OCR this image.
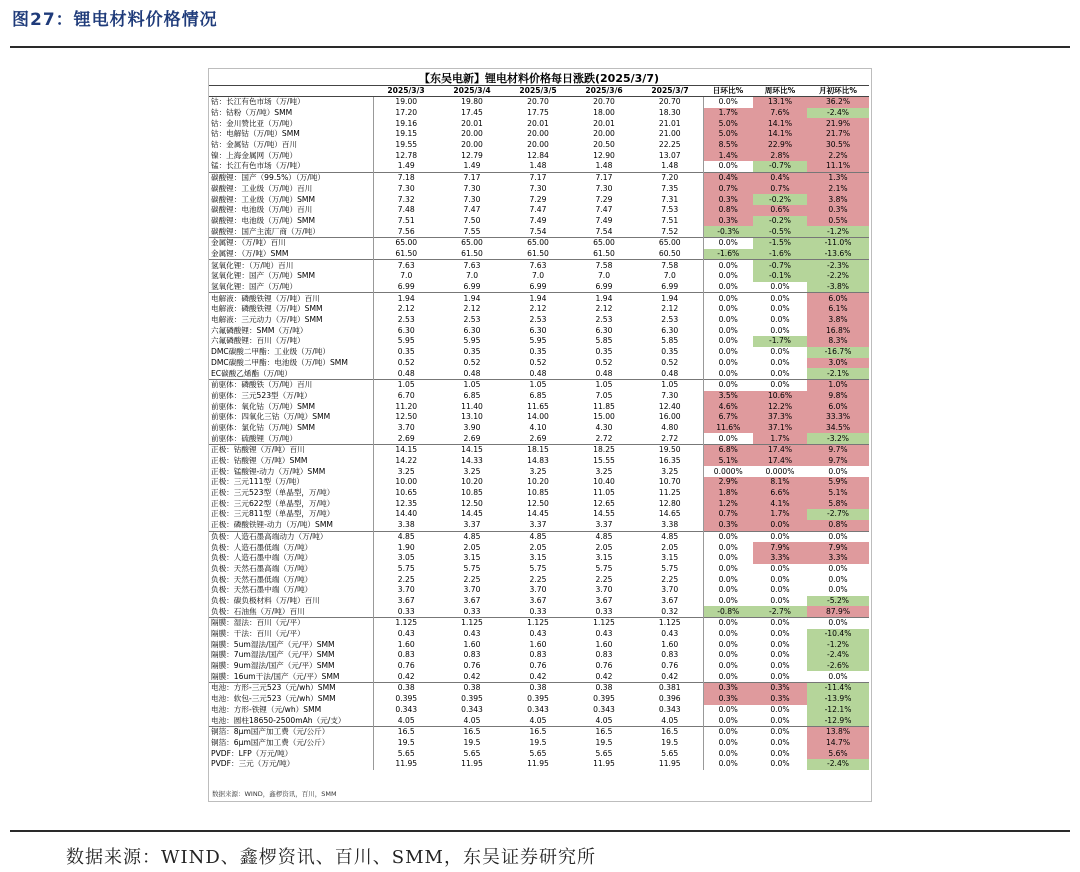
图27：锂电材料价格情况
【东吴电新】锂电材料价格每日涨跌(2025/3/7)
	2025/3/3	2025/3/4	2025/3/5	2025/3/6	2025/3/7	日环比%	周环比%	月初环比%
钴：长江有色市场（万/吨）	19.00	19.80	20.70	20.70	20.70	0.0%	13.1%	36.2%
钴：钴粉（万/吨）SMM	17.20	17.45	17.75	18.00	18.30	1.7%	7.6%	-2.4%
钴：金川赞比亚（万/吨）	19.16	20.01	20.01	20.01	21.01	5.0%	14.1%	21.9%
钴：电解钴（万/吨）SMM	19.15	20.00	20.00	20.00	21.00	5.0%	14.1%	21.7%
钴：金属钴（万/吨）百川	19.55	20.00	20.00	20.50	22.25	8.5%	22.9%	30.5%
镍：上海金属网（万/吨）	12.78	12.79	12.84	12.90	13.07	1.4%	2.8%	2.2%
锰：长江有色市场（万/吨）	1.49	1.49	1.48	1.48	1.48	0.0%	-0.7%	11.1%
碳酸锂：国产（99.5%）（万/吨）	7.18	7.17	7.17	7.17	7.20	0.4%	0.4%	1.3%
碳酸锂：工业级（万/吨）百川	7.30	7.30	7.30	7.30	7.35	0.7%	0.7%	2.1%
碳酸锂：工业级（万/吨）SMM	7.32	7.30	7.29	7.29	7.31	0.3%	-0.2%	3.8%
碳酸锂：电池级（万/吨）百川	7.48	7.47	7.47	7.47	7.53	0.8%	0.6%	0.3%
碳酸锂：电池级（万/吨）SMM	7.51	7.50	7.49	7.49	7.51	0.3%	-0.2%	0.5%
碳酸锂：国产主流厂商（万/吨）	7.56	7.55	7.54	7.54	7.52	-0.3%	-0.5%	-1.2%
金属锂：（万/吨）百川	65.00	65.00	65.00	65.00	65.00	0.0%	-1.5%	-11.0%
金属锂：（万/吨）SMM	61.50	61.50	61.50	61.50	60.50	-1.6%	-1.6%	-13.6%
氢氧化锂：（万/吨）百川	7.63	7.63	7.63	7.58	7.58	0.0%	-0.7%	-2.3%
氢氧化锂：国产（万/吨）SMM	7.0	7.0	7.0	7.0	7.0	0.0%	-0.1%	-2.2%
氢氧化锂：国产（万/吨）	6.99	6.99	6.99	6.99	6.99	0.0%	0.0%	-3.8%
电解液：磷酸铁锂（万/吨）百川	1.94	1.94	1.94	1.94	1.94	0.0%	0.0%	6.0%
电解液：磷酸铁锂（万/吨）SMM	2.12	2.12	2.12	2.12	2.12	0.0%	0.0%	6.1%
电解液：三元动力（万/吨）SMM	2.53	2.53	2.53	2.53	2.53	0.0%	0.0%	3.8%
六氟磷酸锂：SMM（万/吨）	6.30	6.30	6.30	6.30	6.30	0.0%	0.0%	16.8%
六氟磷酸锂：百川（万/吨）	5.95	5.95	5.95	5.85	5.85	0.0%	-1.7%	8.3%
DMC碳酸二甲酯：工业级（万/吨）	0.35	0.35	0.35	0.35	0.35	0.0%	0.0%	-16.7%
DMC碳酸二甲酯：电池级（万/吨）SMM	0.52	0.52	0.52	0.52	0.52	0.0%	0.0%	3.0%
EC碳酸乙烯酯（万/吨）	0.48	0.48	0.48	0.48	0.48	0.0%	0.0%	-2.1%
前驱体：磷酸铁（万/吨）百川	1.05	1.05	1.05	1.05	1.05	0.0%	0.0%	1.0%
前驱体：三元523型（万/吨）	6.70	6.85	6.85	7.05	7.30	3.5%	10.6%	9.8%
前驱体：氧化钴（万/吨）SMM	11.20	11.40	11.65	11.85	12.40	4.6%	12.2%	6.0%
前驱体：四氧化三钴（万/吨）SMM	12.50	13.10	14.00	15.00	16.00	6.7%	37.3%	33.3%
前驱体：氯化钴（万/吨）SMM	3.70	3.90	4.10	4.30	4.80	11.6%	37.1%	34.5%
前驱体：硫酸锂（万/吨）	2.69	2.69	2.69	2.72	2.72	0.0%	1.7%	-3.2%
正极：钴酸锂（万/吨）百川	14.15	14.15	18.15	18.25	19.50	6.8%	17.4%	9.7%
正极：钴酸锂（万/吨）SMM	14.22	14.33	14.83	15.55	16.35	5.1%	17.4%	9.7%
正极：锰酸锂-动力（万/吨）SMM	3.25	3.25	3.25	3.25	3.25	0.000%	0.000%	0.0%
正极：三元111型（万/吨）	10.00	10.20	10.20	10.40	10.70	2.9%	8.1%	5.9%
正极：三元523型（单晶型，万/吨）	10.65	10.85	10.85	11.05	11.25	1.8%	6.6%	5.1%
正极：三元622型（单晶型，万/吨）	12.35	12.50	12.50	12.65	12.80	1.2%	4.1%	5.8%
正极：三元811型（单晶型，万/吨）	14.40	14.45	14.45	14.55	14.65	0.7%	1.7%	-2.7%
正极：磷酸铁锂-动力（万/吨）SMM	3.38	3.37	3.37	3.37	3.38	0.3%	0.0%	0.8%
负极：人造石墨高端动力（万/吨）	4.85	4.85	4.85	4.85	4.85	0.0%	0.0%	0.0%
负极：人造石墨低端（万/吨）	1.90	2.05	2.05	2.05	2.05	0.0%	7.9%	7.9%
负极：人造石墨中端（万/吨）	3.05	3.15	3.15	3.15	3.15	0.0%	3.3%	3.3%
负极：天然石墨高端（万/吨）	5.75	5.75	5.75	5.75	5.75	0.0%	0.0%	0.0%
负极：天然石墨低端（万/吨）	2.25	2.25	2.25	2.25	2.25	0.0%	0.0%	0.0%
负极：天然石墨中端（万/吨）	3.70	3.70	3.70	3.70	3.70	0.0%	0.0%	0.0%
负极：碳负极材料（万/吨）百川	3.67	3.67	3.67	3.67	3.67	0.0%	0.0%	-5.2%
负极：石油焦（万/吨）百川	0.33	0.33	0.33	0.33	0.32	-0.8%	-2.7%	87.9%
隔膜：湿法：百川（元/平）	1.125	1.125	1.125	1.125	1.125	0.0%	0.0%	0.0%
隔膜：干法：百川（元/平）	0.43	0.43	0.43	0.43	0.43	0.0%	0.0%	-10.4%
隔膜：5um湿法/国产（元/平）SMM	1.60	1.60	1.60	1.60	1.60	0.0%	0.0%	-1.2%
隔膜：7um湿法/国产（元/平）SMM	0.83	0.83	0.83	0.83	0.83	0.0%	0.0%	-2.4%
隔膜：9um湿法/国产（元/平）SMM	0.76	0.76	0.76	0.76	0.76	0.0%	0.0%	-2.6%
隔膜：16um干法/国产（元/平）SMM	0.42	0.42	0.42	0.42	0.42	0.0%	0.0%	0.0%
电池：方形-三元523（元/wh）SMM	0.38	0.38	0.38	0.38	0.381	0.3%	0.3%	-11.4%
电池：软包-三元523（元/wh）SMM	0.395	0.395	0.395	0.395	0.396	0.3%	0.3%	-13.9%
电池：方形-铁锂（元/wh）SMM	0.343	0.343	0.343	0.343	0.343	0.0%	0.0%	-12.1%
电池：圆柱18650-2500mAh（元/支）	4.05	4.05	4.05	4.05	4.05	0.0%	0.0%	-12.9%
铜箔：8μm国产加工费（元/公斤）	16.5	16.5	16.5	16.5	16.5	0.0%	0.0%	13.8%
铜箔：6μm国产加工费（元/公斤）	19.5	19.5	19.5	19.5	19.5	0.0%	0.0%	14.7%
PVDF：LFP（万元/吨）	5.65	5.65	5.65	5.65	5.65	0.0%	0.0%	5.6%
PVDF：三元（万元/吨）	11.95	11.95	11.95	11.95	11.95	0.0%	0.0%	-2.4%
数据来源：WIND，鑫椤资讯，百川，SMM
数据来源：WIND、鑫椤资讯、百川、SMM，东吴证券研究所
